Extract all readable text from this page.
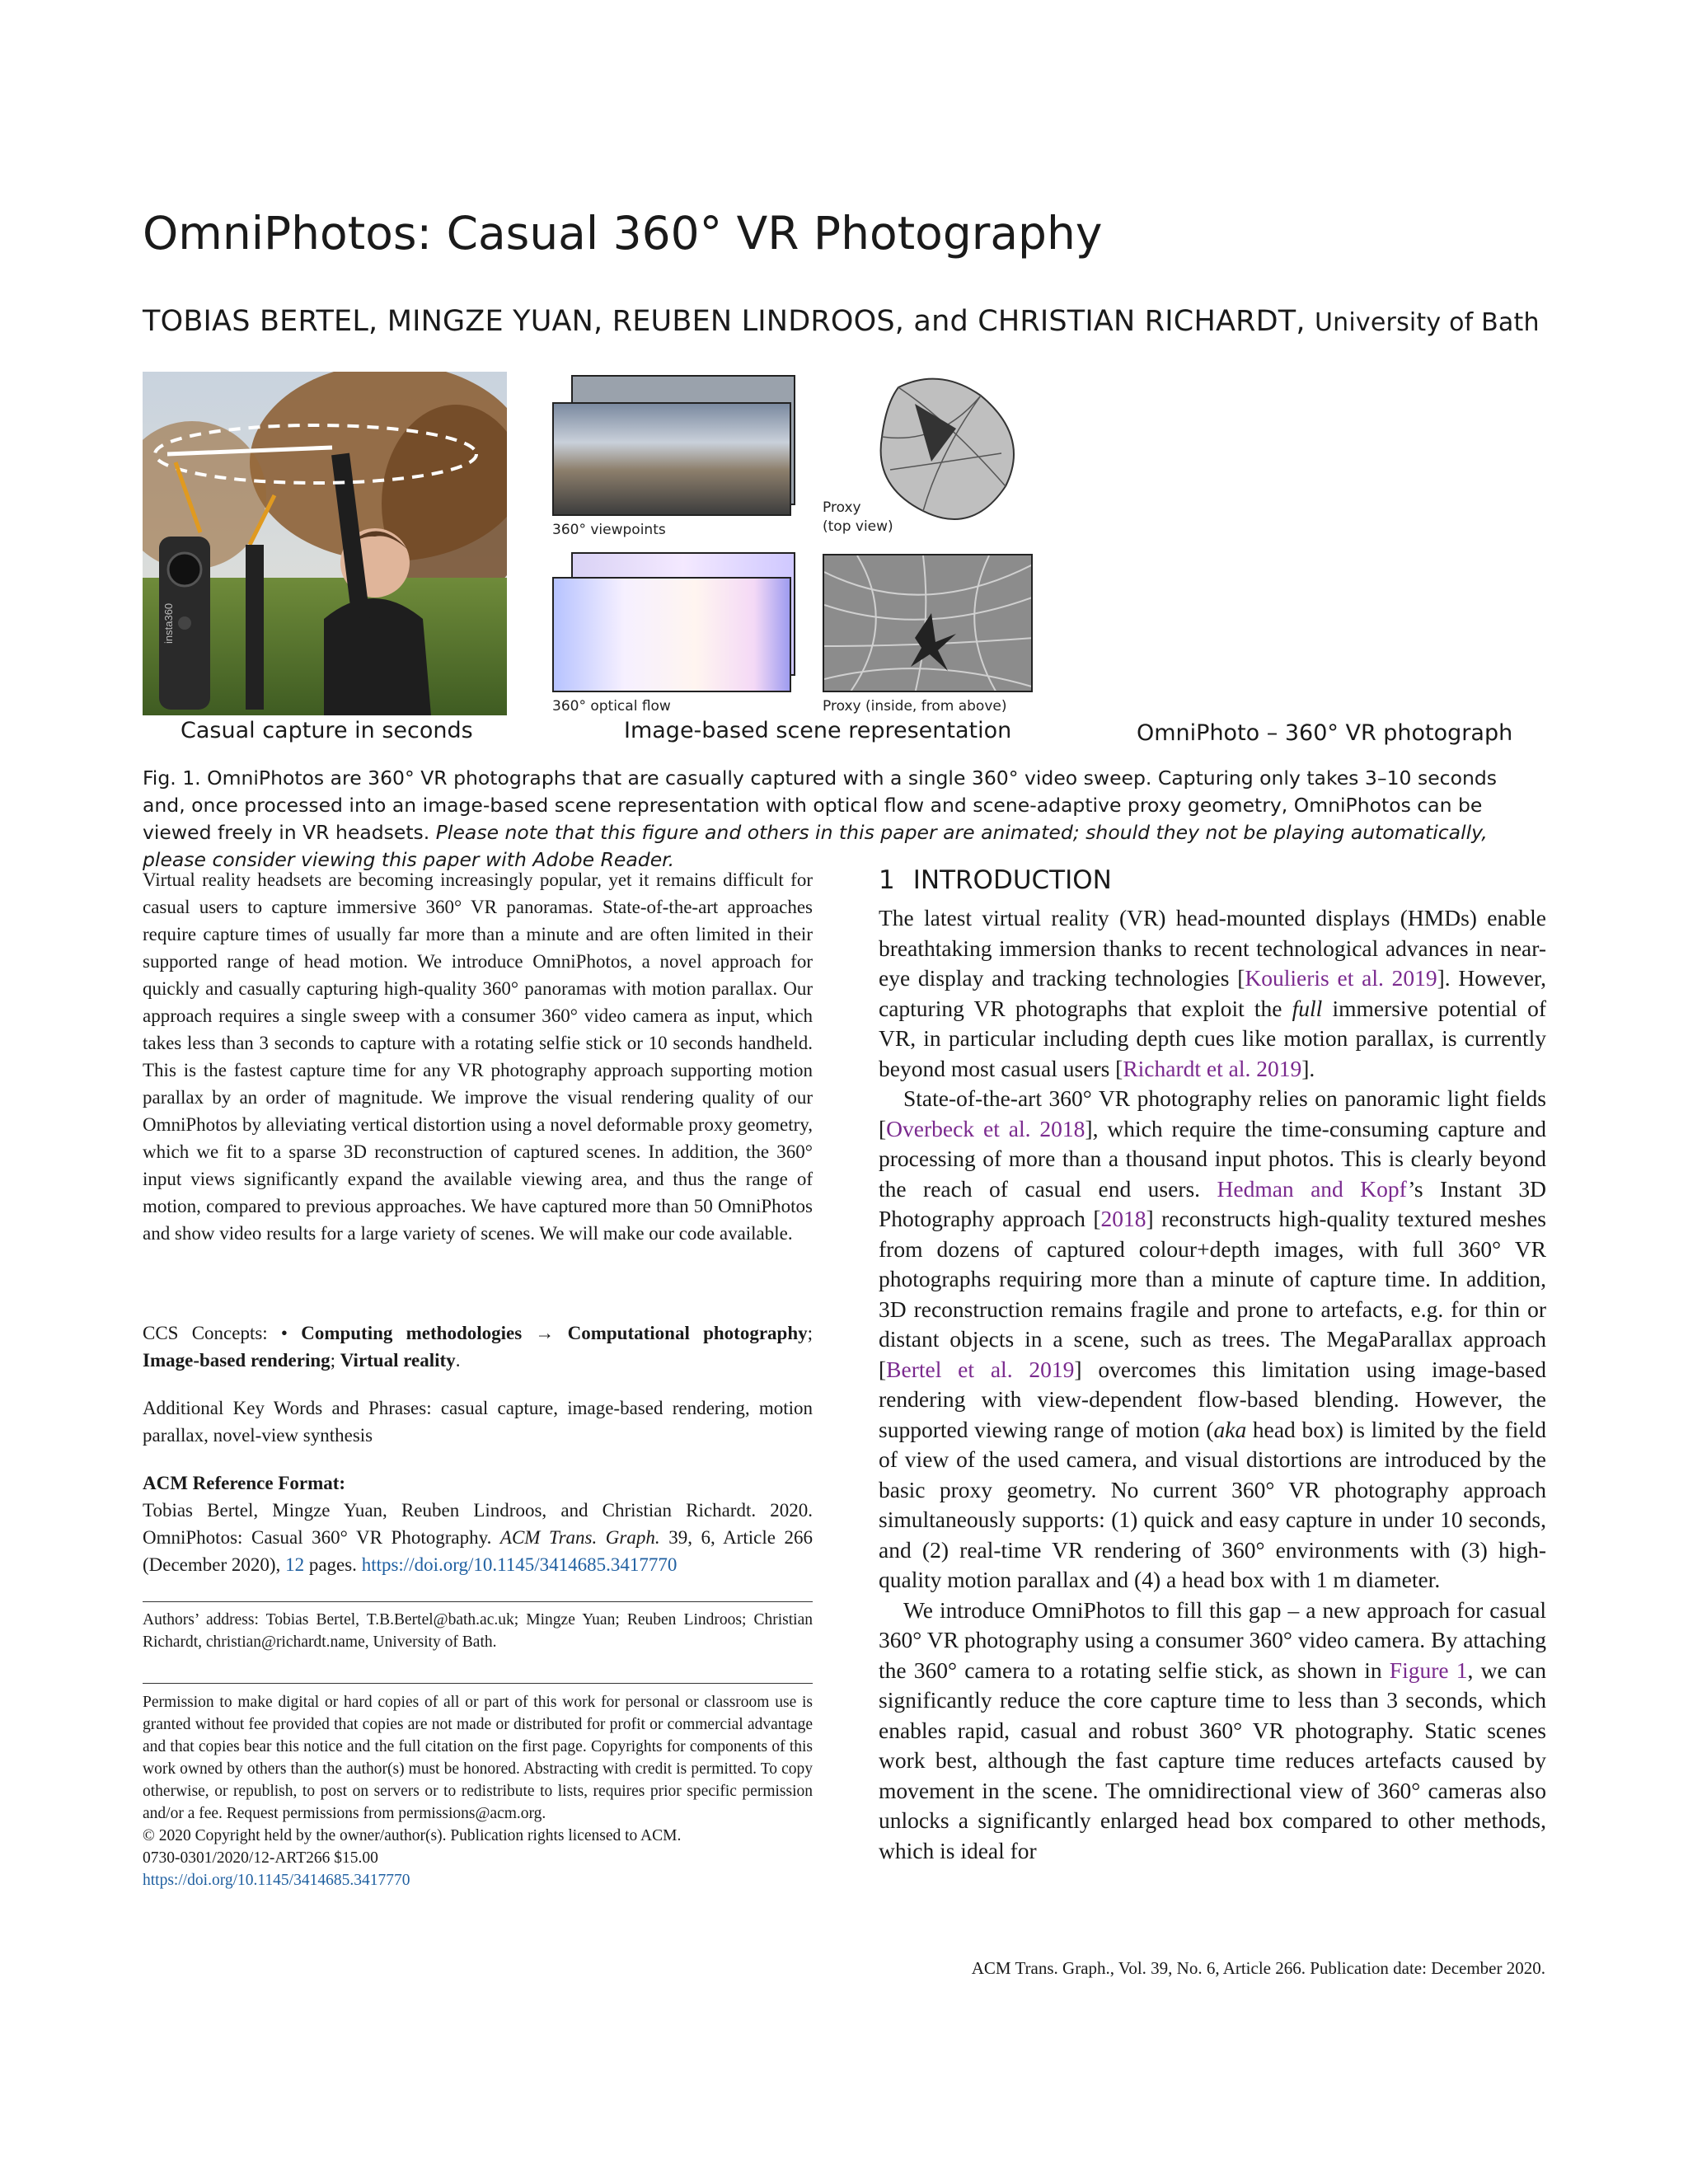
OmniPhotos: Casual 360° VR Photography
TOBIAS BERTEL, MINGZE YUAN, REUBEN LINDROOS, and CHRISTIAN RICHARDT, University of Bath
insta360
360° viewpoints
Proxy
(top view)
360° optical flow	Proxy (inside, from above)
Casual capture in seconds	Image-based scene representation	OmniPhoto – 360° VR photograph
Fig. 1. OmniPhotos are 360° VR photographs that are casually captured with a single 360° video sweep. Capturing only takes 3–10 seconds and, once processed into an image-based scene representation with optical flow and scene-adaptive proxy geometry, OmniPhotos can be viewed freely in VR headsets. Please note that this figure and others in this paper are animated; should they not be playing automatically, please consider viewing this paper with Adobe Reader.

Virtual reality headsets are becoming increasingly popular, yet it remains difficult for casual users to capture immersive 360° VR panoramas. State-of-the-art approaches require capture times of usually far more than a minute and are often limited in their supported range of head motion. We introduce OmniPhotos, a novel approach for quickly and casually capturing high-quality 360° panoramas with motion parallax. Our approach requires a single sweep with a consumer 360° video camera as input, which takes less than 3 seconds to capture with a rotating selfie stick or 10 seconds handheld. This is the fastest capture time for any VR photography approach supporting motion parallax by an order of magnitude. We improve the visual rendering quality of our OmniPhotos by alleviating vertical distortion using a novel deformable proxy geometry, which we fit to a sparse 3D reconstruction of captured scenes. In addition, the 360° input views significantly expand the available viewing area, and thus the range of motion, compared to previous approaches. We have captured more than 50 OmniPhotos and show video results for a large variety of scenes. We will make our code available.

CCS Concepts: • Computing methodologies → Computational photography; Image-based rendering; Virtual reality.

Additional Key Words and Phrases: casual capture, image-based rendering, motion parallax, novel-view synthesis

ACM Reference Format:

Tobias Bertel, Mingze Yuan, Reuben Lindroos, and Christian Richardt. 2020. OmniPhotos: Casual 360° VR Photography. ACM Trans. Graph. 39, 6, Article 266 (December 2020), 12 pages. https://doi.org/10.1145/3414685.3417770

Authors’ address: Tobias Bertel, T.B.Bertel@bath.ac.uk; Mingze Yuan; Reuben Lindroos; Christian Richardt, christian@richardt.name, University of Bath.

Permission to make digital or hard copies of all or part of this work for personal or classroom use is granted without fee provided that copies are not made or distributed for profit or commercial advantage and that copies bear this notice and the full citation on the first page. Copyrights for components of this work owned by others than the author(s) must be honored. Abstracting with credit is permitted. To copy otherwise, or republish, to post on servers or to redistribute to lists, requires prior specific permission and/or a fee. Request permissions from permissions@acm.org.

© 2020 Copyright held by the owner/author(s). Publication rights licensed to ACM.

0730-0301/2020/12-ART266 $15.00

https://doi.org/10.1145/3414685.3417770

1 INTRODUCTION

The latest virtual reality (VR) head-mounted displays (HMDs) enable breathtaking immersion thanks to recent technological advances in near-eye display and tracking technologies [Koulieris et al. 2019]. However, capturing VR photographs that exploit the full immersive potential of VR, in particular including depth cues like motion parallax, is currently beyond most casual users [Richardt et al. 2019].

State-of-the-art 360° VR photography relies on panoramic light fields [Overbeck et al. 2018], which require the time-consuming capture and processing of more than a thousand input photos. This is clearly beyond the reach of casual end users. Hedman and Kopf’s Instant 3D Photography approach [2018] reconstructs high-quality textured meshes from dozens of captured colour+depth images, with full 360° VR photographs requiring more than a minute of capture time. In addition, 3D reconstruction remains fragile and prone to artefacts, e.g. for thin or distant objects in a scene, such as trees. The MegaParallax approach [Bertel et al. 2019] overcomes this limitation using image-based rendering with view-dependent flow-based blending. However, the supported viewing range of motion (aka head box) is limited by the field of view of the used camera, and visual distortions are introduced by the basic proxy geometry. No current 360° VR photography approach simultaneously supports: (1) quick and easy capture in under 10 seconds, and (2) real-time VR rendering of 360° environments with (3) high-quality motion parallax and (4) a head box with 1 m diameter.

We introduce OmniPhotos to fill this gap – a new approach for casual 360° VR photography using a consumer 360° video camera. By attaching the 360° camera to a rotating selfie stick, as shown in Figure 1, we can significantly reduce the core capture time to less than 3 seconds, which enables rapid, casual and robust 360° VR photography. Static scenes work best, although the fast capture time reduces artefacts caused by movement in the scene. The omnidirectional view of 360° cameras also unlocks a significantly enlarged head box compared to other methods, which is ideal for

ACM Trans. Graph., Vol. 39, No. 6, Article 266. Publication date: December 2020.
